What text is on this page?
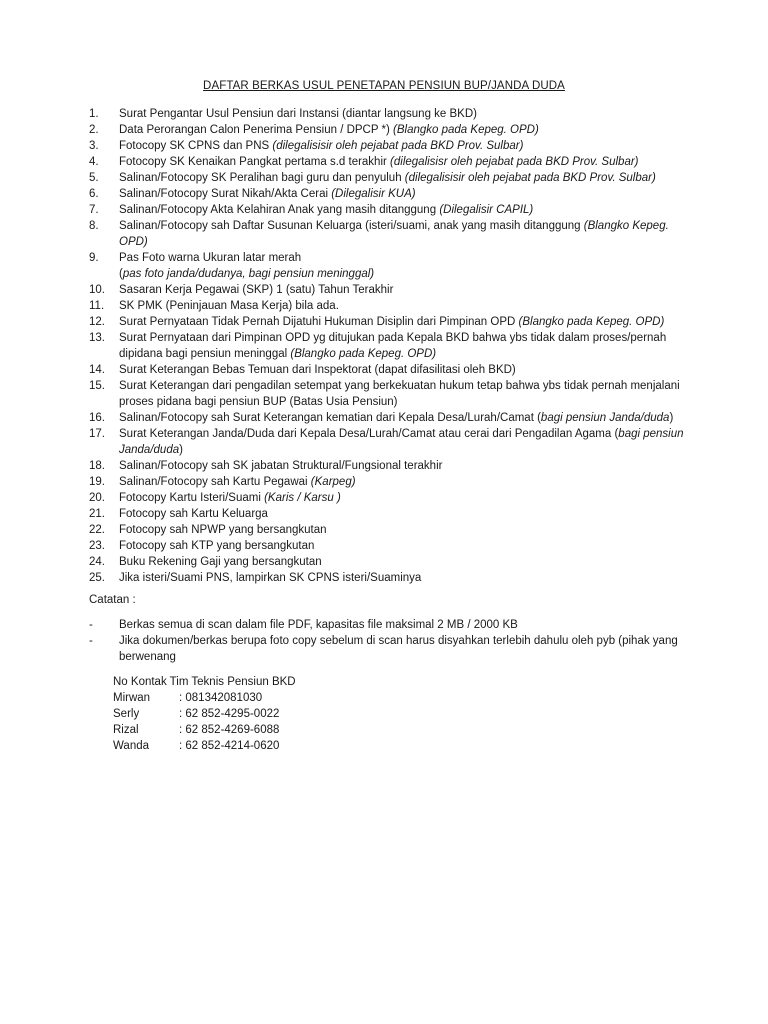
DAFTAR BERKAS USUL PENETAPAN PENSIUN BUP/JANDA DUDA
1.	Surat Pengantar Usul Pensiun dari Instansi (diantar langsung ke BKD)
2.	Data Perorangan Calon Penerima Pensiun / DPCP *) (Blangko pada Kepeg. OPD)
3.	Fotocopy SK CPNS dan PNS (dilegalisisir oleh pejabat pada BKD Prov. Sulbar)
4.	Fotocopy SK Kenaikan Pangkat pertama s.d terakhir (dilegalisisr oleh pejabat pada BKD Prov. Sulbar)
5.	Salinan/Fotocopy SK Peralihan bagi guru dan penyuluh (dilegalisisir oleh pejabat pada BKD Prov. Sulbar)
6.	Salinan/Fotocopy Surat Nikah/Akta Cerai (Dilegalisir KUA)
7.	Salinan/Fotocopy Akta Kelahiran Anak yang masih ditanggung (Dilegalisir CAPIL)
8.	Salinan/Fotocopy sah Daftar Susunan Keluarga (isteri/suami, anak yang masih ditanggung (Blangko Kepeg.
OPD)
9.	Pas Foto warna Ukuran latar merah
(pas foto janda/dudanya, bagi pensiun meninggal)
10.	Sasaran Kerja Pegawai (SKP) 1 (satu) Tahun Terakhir
11.	SK PMK (Peninjauan Masa Kerja) bila ada.
12.	Surat Pernyataan Tidak Pernah Dijatuhi Hukuman Disiplin dari Pimpinan OPD (Blangko pada Kepeg. OPD)
13.	Surat Pernyataan dari Pimpinan OPD yg ditujukan pada Kepala BKD bahwa ybs tidak dalam proses/pernah
dipidana bagi pensiun meninggal (Blangko pada Kepeg. OPD)
14.	Surat Keterangan Bebas Temuan dari Inspektorat (dapat difasilitasi oleh BKD)
15.	Surat Keterangan dari pengadilan setempat yang berkekuatan hukum tetap bahwa ybs tidak pernah menjalani
proses pidana bagi pensiun BUP (Batas Usia Pensiun)
16.	Salinan/Fotocopy sah Surat Keterangan kematian dari Kepala Desa/Lurah/Camat (bagi pensiun Janda/duda)
17.	Surat Keterangan Janda/Duda dari Kepala Desa/Lurah/Camat atau cerai dari Pengadilan Agama (bagi pensiun
Janda/duda)
18.	Salinan/Fotocopy sah SK jabatan Struktural/Fungsional terakhir
19.	Salinan/Fotocopy sah Kartu Pegawai (Karpeg)
20.	Fotocopy Kartu Isteri/Suami (Karis / Karsu )
21.	Fotocopy sah Kartu Keluarga
22.	Fotocopy sah NPWP yang bersangkutan
23.	Fotocopy sah KTP yang bersangkutan
24.	Buku Rekening Gaji yang bersangkutan
25.	Jika isteri/Suami PNS, lampirkan SK CPNS isteri/Suaminya
Catatan :
- Berkas semua di scan dalam file PDF, kapasitas file maksimal 2 MB / 2000 KB
- Jika dokumen/berkas berupa foto copy sebelum di scan harus disyahkan terlebih dahulu oleh pyb (pihak yang
berwenang
No Kontak Tim Teknis Pensiun BKD
Mirwan	: 081342081030
Serly	: 62 852-4295-0022
Rizal	: 62 852-4269-6088
Wanda	: 62 852-4214-0620
